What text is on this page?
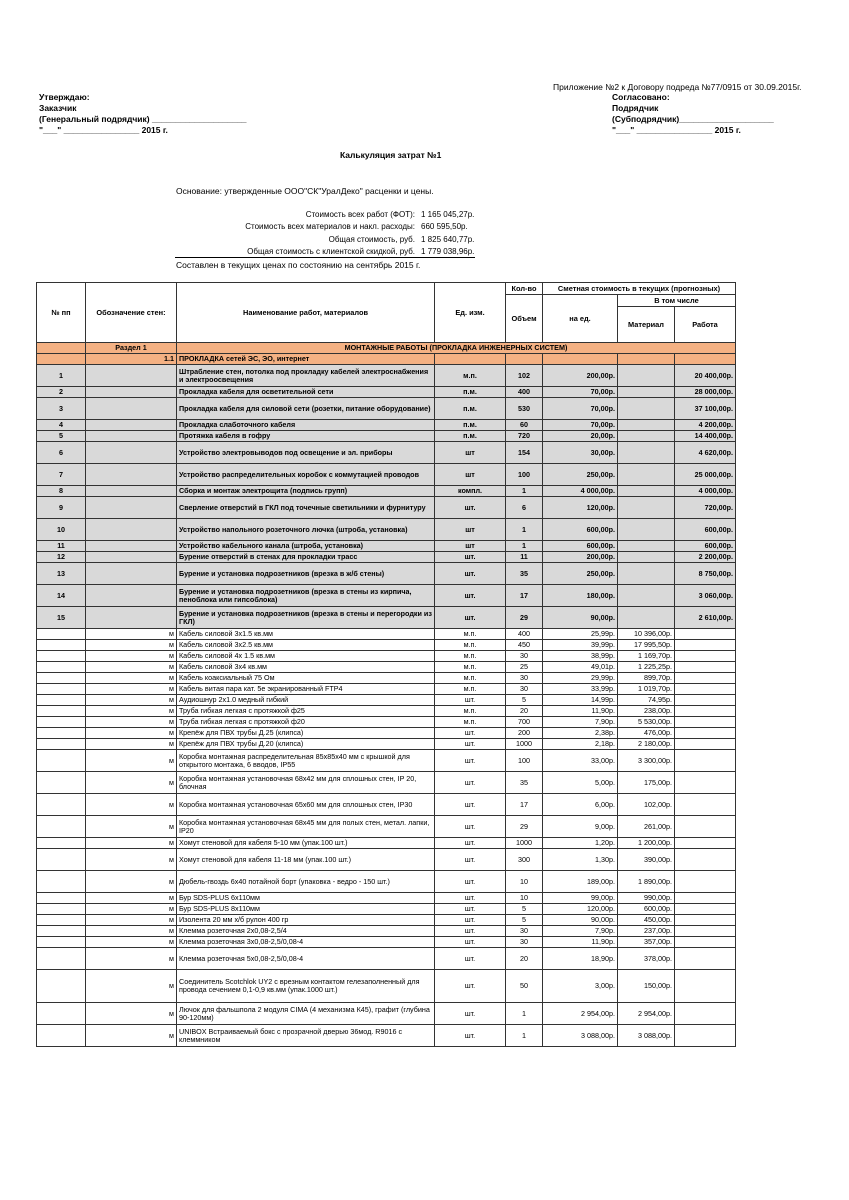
Приложение №2 к Договору подреда №77/0915 от 30.09.2015г.
Утверждаю:
Заказчик
(Генеральный подрядчик) ____________________
"___" ________________ 2015 г.
Согласовано:
Подрядчик
(Субподрядчик)____________________
"___" ________________ 2015 г.
Калькуляция затрат №1
Основание: утвержденные ООО"СК"УралДеко" расценки и цены.
Стоимость всех работ (ФОТ): 1 165 045,27р.
Стоимость всех материалов и накл. расходы: 660 595,50р.
Общая стоимость, руб. 1 825 640,77р.
Общая стоимость с клиентской скидкой, руб. 1 779 038,96р.
Составлен в текущих ценах по состоянию на сентябрь 2015 г.
№ пп	Обозначение стен:	Наименование работ, материалов	Ед. изм.	Кол-во	Сметная стоимость в текущих (прогнозных)		
				Объем	на ед.	В том числе	
						Материал	Работа
	Раздел 1	МОНТАЖНЫЕ РАБОТЫ (ПРОКЛАДКА ИНЖЕНЕРНЫХ СИСТЕМ)					
	1.1	ПРОКЛАДКА сетей ЭС, ЭО, интернет					
1		Штрабление стен, потолка под прокладку кабелей электроснабжения и электроосвещения	м.п.	102	200,00р.		20 400,00р.
2		Прокладка кабеля для осветительной сети	п.м.	400	70,00р.		28 000,00р.
3		Прокладка кабеля для силовой сети (розетки, питание оборудование)	п.м.	530	70,00р.		37 100,00р.
4		Прокладка слаботочного кабеля	п.м.	60	70,00р.		4 200,00р.
5		Протяжка кабеля в гофру	п.м.	720	20,00р.		14 400,00р.
6		Устройство электровыводов под освещение и эл. приборы	шт	154	30,00р.		4 620,00р.
7		Устройство распределительных коробок с коммутацией проводов	шт	100	250,00р.		25 000,00р.
8		Сборка и монтаж электрощита (подпись групп)	компл.	1	4 000,00р.		4 000,00р.
9		Сверление отверстий в ГКЛ под точечные светильники и фурнитуру	шт.	6	120,00р.		720,00р.
10		Устройство напольного розеточного лючка (штроба, установка)	шт	1	600,00р.		600,00р.
11		Устройство кабельного канала (штроба, установка)	шт	1	600,00р.		600,00р.
12		Бурение отверстий в стенах для прокладки трасс	шт.	11	200,00р.		2 200,00р.
13		Бурение и установка подрозетников (врезка в ж/б стены)	шт.	35	250,00р.		8 750,00р.
14		Бурение и установка подрозетников (врезка в стены из кирпича, пеноблока или гипсоблока)	шт.	17	180,00р.		3 060,00р.
15		Бурение и установка подрозетников (врезка в стены и перегородки из ГКЛ)	шт.	29	90,00р.		2 610,00р.
	м	Кабель силовой 3х1.5 кв.мм	м.п.	400	25,99р.	10 396,00р.	
	м	Кабель силовой 3х2.5 кв.мм	м.п.	450	39,99р.	17 995,50р.	
	м	Кабель силовой 4х 1.5 кв.мм	м.п.	30	38,99р.	1 169,70р.	
	м	Кабель силовой 3х4 кв.мм	м.п.	25	49,01р.	1 225,25р.	
	м	Кабель коаксиальный 75 Ом	м.п.	30	29,99р.	899,70р.	
	м	Кабель витая пара кат. 5е экранированный FTP4	м.п.	30	33,99р.	1 019,70р.	
	м	Аудиошнур 2х1.0 медный гибкий	шт.	5	14,99р.	74,95р.	
	м	Труба гибкая легкая с протяжкой ф25	м.п.	20	11,90р.	238,00р.	
	м	Труба гибкая легкая с протяжкой ф20	м.п.	700	7,90р.	5 530,00р.	
	м	Крепёж для ПВХ трубы Д.25 (клипса)	шт.	200	2,38р.	476,00р.	
	м	Крепёж для ПВХ трубы Д.20 (клипса)	шт.	1000	2,18р.	2 180,00р.	
	м	Коробка монтажная распределительная 85х85х40 мм с крышкой для открытого монтажа, 6 вводов, IP55	шт.	100	33,00р.	3 300,00р.	
	м	Коробка монтажная установочная 68х42 мм для сплошных стен, IP 20, блочная	шт.	35	5,00р.	175,00р.	
	м	Коробка монтажная установочная 65х60 мм для сплошных стен, IP30	шт.	17	6,00р.	102,00р.	
	м	Коробка монтажная установочная 68х45 мм для полых стен, метал. лапки, IP20	шт.	29	9,00р.	261,00р.	
	м	Хомут стеновой для кабеля 5-10 мм (упак.100 шт.)	шт.	1000	1,20р.	1 200,00р.	
	м	Хомут стеновой для кабеля 11-18 мм (упак.100 шт.)	шт.	300	1,30р.	390,00р.	
	м	Дюбель-гвоздь 6х40 потайной борт (упаковка - ведро - 150 шт.)	шт.	10	189,00р.	1 890,00р.	
	м	Бур SDS-PLUS 6х110мм	шт.	10	99,00р.	990,00р.	
	м	Бур SDS-PLUS 8х110мм	шт.	5	120,00р.	600,00р.	
	м	Изолента 20 мм х/б рулон 400 гр	шт.	5	90,00р.	450,00р.	
	м	Клемма розеточная 2х0,08-2,5/4	шт.	30	7,90р.	237,00р.	
	м	Клемма розеточная 3х0,08-2,5/0,08-4	шт.	30	11,90р.	357,00р.	
	м	Клемма розеточная 5х0,08-2,5/0,08-4	шт.	20	18,90р.	378,00р.	
	м	Соединитель Scotchlok UY2 с врезным контактом гелезаполненный для провода сечением 0,1-0,9 кв.мм (упак.1000 шт.)	шт.	50	3,00р.	150,00р.	
	м	Лючок для фальшпола 2 модуля CIMA (4 механизма К45), графит (глубина 90-120мм)	шт.	1	2 954,00р.	2 954,00р.	
	м	UNIBOX Встраиваемый бокс с прозрачной дверью 36мод. R9016 с клеммником	шт.	1	3 088,00р.	3 088,00р.	
